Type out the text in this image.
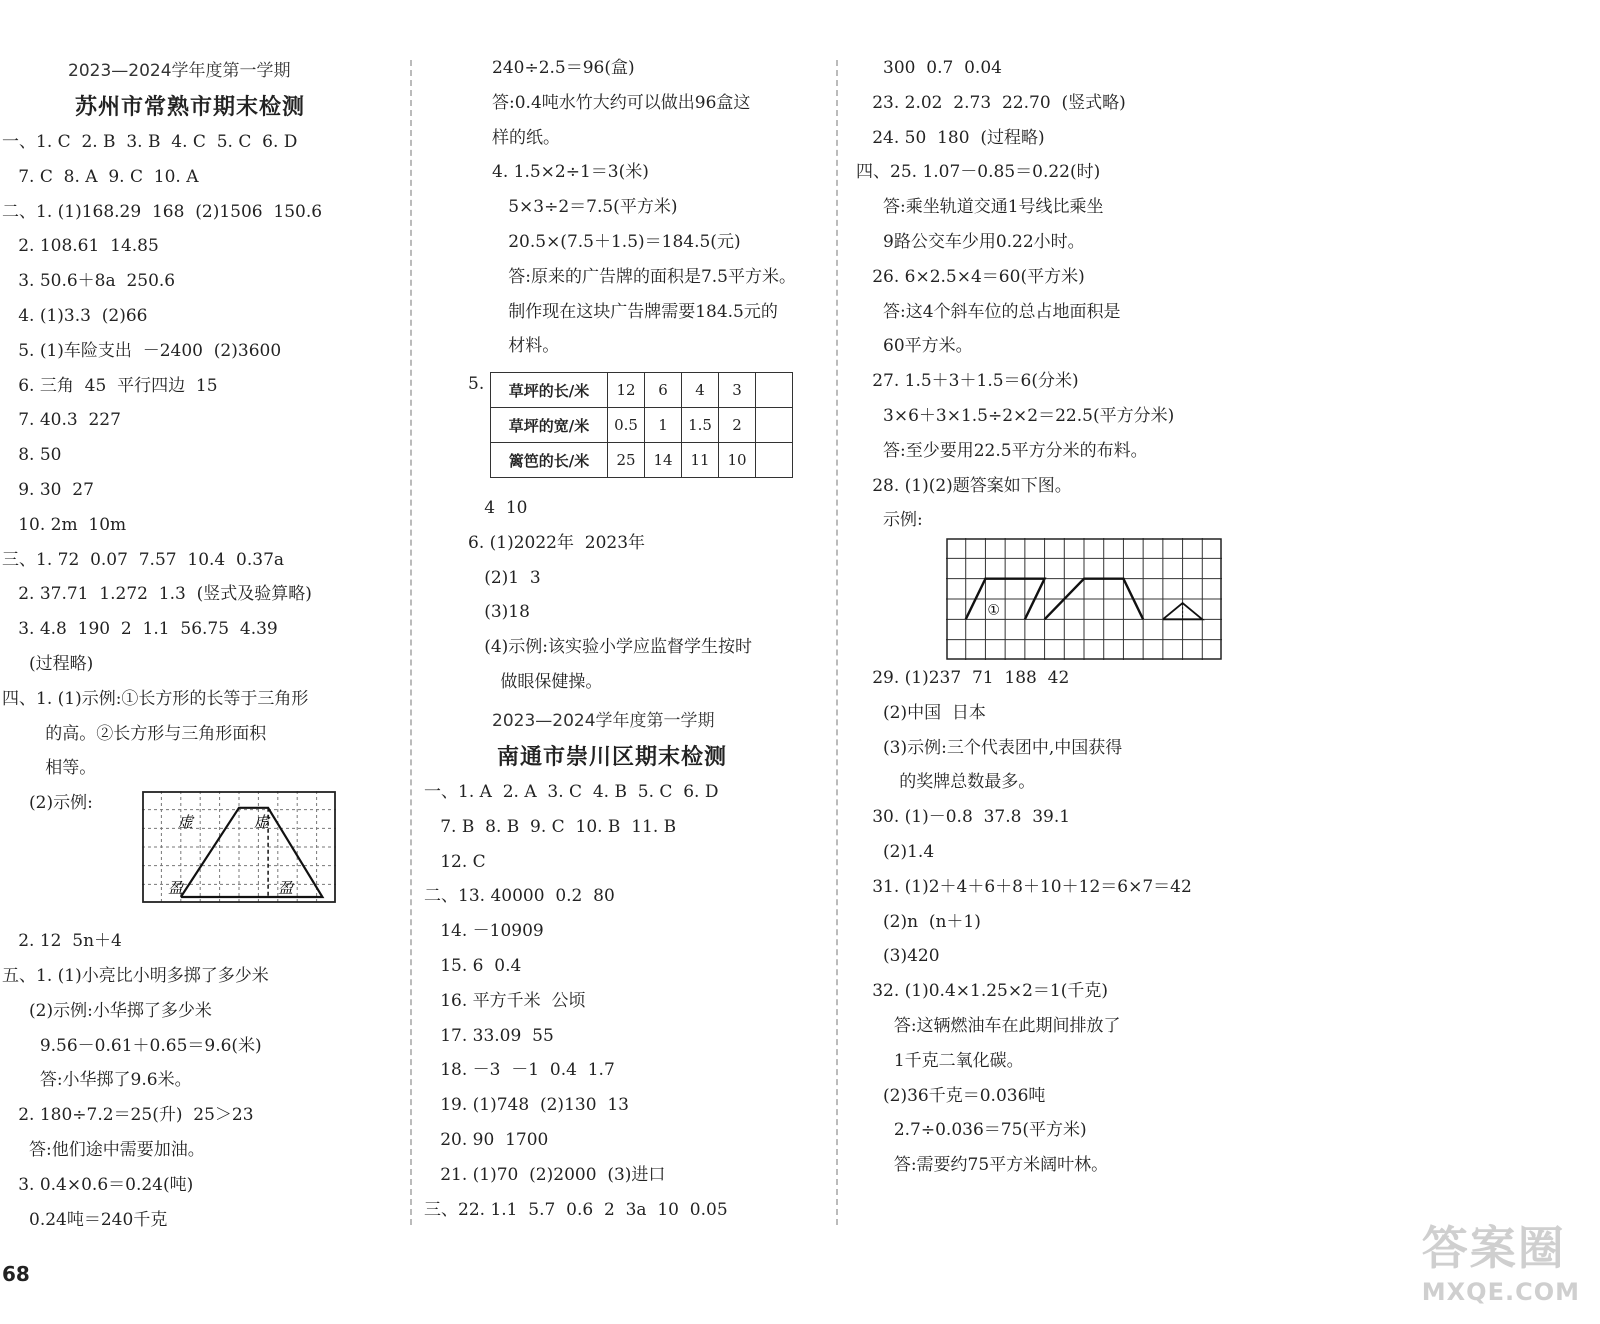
2023—2024学年度第一学期
苏州市常熟市期末检测
一、1. C  2. B  3. B  4. C  5. C  6. D
7. C  8. A  9. C  10. A
二、1. (1)168.29  168  (2)1506  150.6
2. 108.61  14.85
3. 50.6＋8a  250.6
4. (1)3.3  (2)66
5. (1)车险支出  －2400  (2)3600
6. 三角  45  平行四边  15
7. 40.3  227
8. 50
9. 30  27
10. 2m  10m
三、1. 72  0.07  7.57  10.4  0.37a
2. 37.71  1.272  1.3  (竖式及验算略)
3. 4.8  190  2  1.1  56.75  4.39
(过程略)
四、1. (1)示例:①长方形的长等于三角形
的高。②长方形与三角形面积
相等。
(2)示例:
2. 12  5n＋4
五、1. (1)小亮比小明多掷了多少米
(2)示例:小华掷了多少米
9.56－0.61＋0.65＝9.6(米)
答:小华掷了9.6米。
2. 180÷7.2＝25(升)  25＞23
答:他们途中需要加油。
3. 0.4×0.6＝0.24(吨)
0.24吨＝240千克
虚	虚
盈	盈
240÷2.5＝96(盒)
答:0.4吨水竹大约可以做出96盒这
样的纸。
4. 1.5×2÷1＝3(米)
5×3÷2＝7.5(平方米)
20.5×(7.5＋1.5)＝184.5(元)
答:原来的广告牌的面积是7.5平方米。
制作现在这块广告牌需要184.5元的
材料。
5. 草坪的长/米	12	6	4	3	
草坪的宽/米	0.5	1	1.5	2	
篱笆的长/米	25	14	11	10	
4  10
6. (1)2022年  2023年
(2)1  3
(3)18
(4)示例:该实验小学应监督学生按时
做眼保健操。
2023—2024学年度第一学期
南通市崇川区期末检测
一、1. A  2. A  3. C  4. B  5. C  6. D
7. B  8. B  9. C  10. B  11. B
12. C
二、13. 40000  0.2  80
14. －10909
15. 6  0.4
16. 平方千米  公顷
17. 33.09  55
18. －3  －1  0.4  1.7
19. (1)748  (2)130  13
20. 90  1700
21. (1)70  (2)2000  (3)进口
三、22. 1.1  5.7  0.6  2  3a  10  0.05
300  0.7  0.04
23. 2.02  2.73  22.70  (竖式略)
24. 50  180  (过程略)
四、25. 1.07－0.85＝0.22(时)
答:乘坐轨道交通1号线比乘坐
9路公交车少用0.22小时。
26. 6×2.5×4＝60(平方米)
答:这4个斜车位的总占地面积是
60平方米。
27. 1.5＋3＋1.5＝6(分米)
3×6＋3×1.5÷2×2＝22.5(平方分米)
答:至少要用22.5平方分米的布料。
28. (1)(2)题答案如下图。
示例:
①
29. (1)237  71  188  42
(2)中国  日本
(3)示例:三个代表团中,中国获得
的奖牌总数最多。
30. (1)－0.8  37.8  39.1
(2)1.4
31. (1)2＋4＋6＋8＋10＋12＝6×7＝42
(2)n  (n＋1)
(3)420
32. (1)0.4×1.25×2＝1(千克)
答:这辆燃油车在此期间排放了
1千克二氧化碳。
(2)36千克＝0.036吨
2.7÷0.036＝75(平方米)
答:需要约75平方米阔叶林。
68	答案圈
MXQE.COM
